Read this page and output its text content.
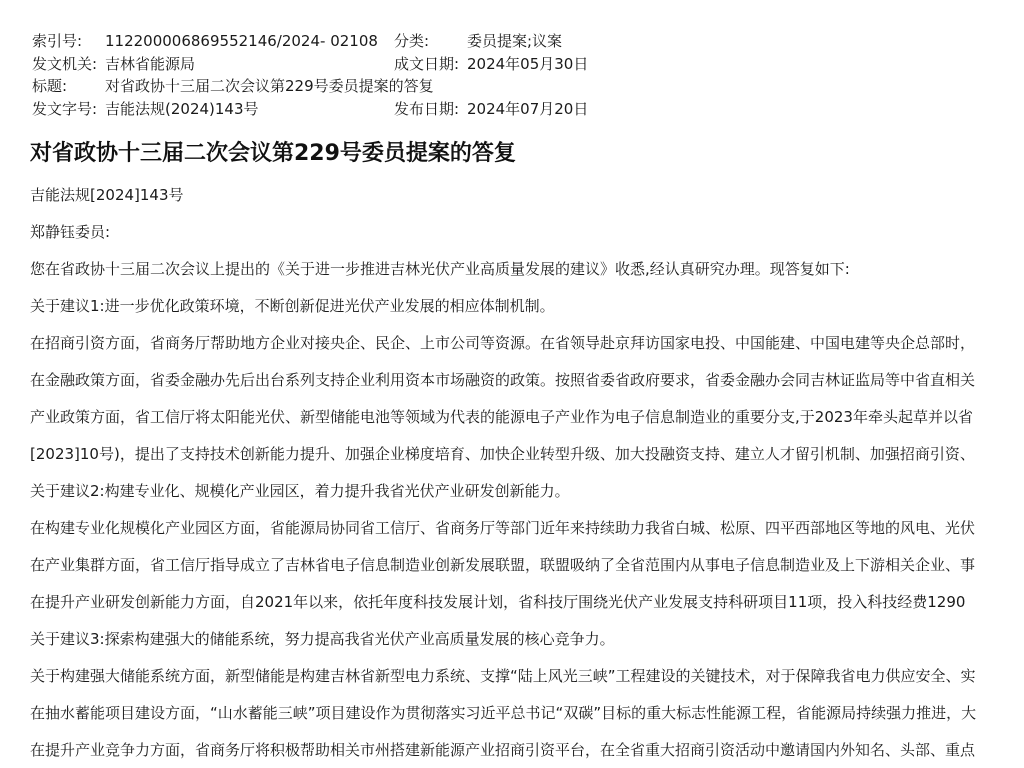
索引号: 112200006869552146/2024- 02108 分类:	委员提案;议案
发文机关: 吉林省能源局	成文日期: 2024年05月30日
标题:	对省政协十三届二次会议第229号委员提案的答复
发文字号: 吉能法规(2024)143号	发布日期: 2024年07月20日
对省政协十三届二次会议第229号委员提案的答复

吉能法规[2024]143号

郑静钰委员:

您在省政协十三届二次会议上提出的《关于进一步推进吉林光伏产业高质量发展的建议》收悉,经认真研究办理。现答复如下:

关于建议1:进一步优化政策环境，不断创新促进光伏产业发展的相应体制机制。

在招商引资方面，省商务厅帮助地方企业对接央企、民企、上市公司等资源。在省领导赴京拜访国家电投、中国能建、中国电建等央企总部时，

在金融政策方面，省委金融办先后出台系列支持企业利用资本市场融资的政策。按照省委省政府要求，省委金融办会同吉林证监局等中省直相关

产业政策方面，省工信厅将太阳能光伏、新型储能电池等领域为代表的能源电子产业作为电子信息制造业的重要分支,于2023年牵头起草并以省

[2023]10号)，提出了支持技术创新能力提升、加强企业梯度培育、加快企业转型升级、加大投融资支持、建立人才留引机制、加强招商引资、

关于建议2:构建专业化、规模化产业园区，着力提升我省光伏产业研发创新能力。

在构建专业化规模化产业园区方面，省能源局协同省工信厅、省商务厅等部门近年来持续助力我省白城、松原、四平西部地区等地的风电、光伏

在产业集群方面，省工信厅指导成立了吉林省电子信息制造业创新发展联盟，联盟吸纳了全省范围内从事电子信息制造业及上下游相关企业、事

在提升产业研发创新能力方面，自2021年以来，依托年度科技发展计划，省科技厅围绕光伏产业发展支持科研项目11项，投入科技经费1290

关于建议3:探索构建强大的储能系统，努力提高我省光伏产业高质量发展的核心竞争力。

关于构建强大储能系统方面，新型储能是构建吉林省新型电力系统、支撑“陆上风光三峡”工程建设的关键技术，对于保障我省电力供应安全、实

在抽水蓄能项目建设方面，“山水蓄能三峡”项目建设作为贯彻落实习近平总书记“双碳”目标的重大标志性能源工程，省能源局持续强力推进，大

在提升产业竞争力方面，省商务厅将积极帮助相关市州搭建新能源产业招商引资平台，在全省重大招商引资活动中邀请国内外知名、头部、重点
